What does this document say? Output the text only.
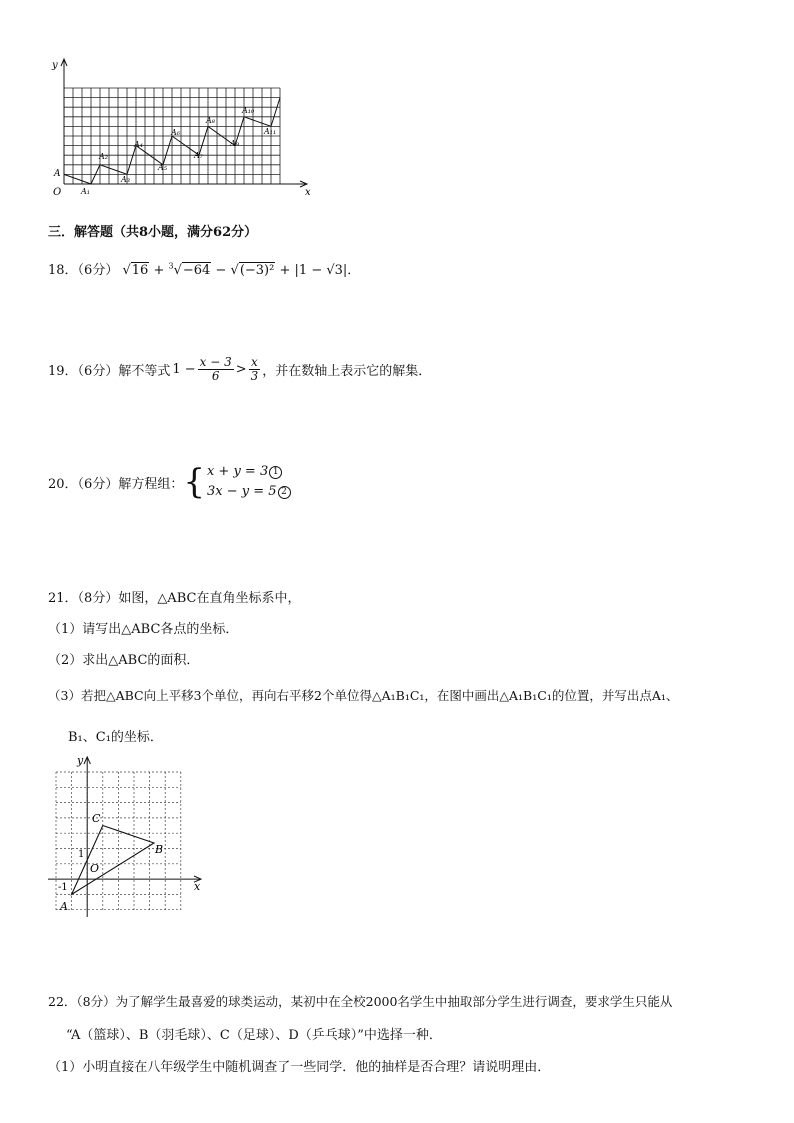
y
x
O
A
A₁
A₂
A₃
A₄
A₅
A₆
A₇
A₈
A₉
A₁₀
A₁₁
三．解答题（共8小题，满分62分）
18．（6分） √16 + $^3$√−64 − √(−3)² + |1 − √3|．
19．（6分）解不等式 $1 - \frac{x - 3}{6} > \frac{x}{3}$ ，并在数轴上表示它的解集．
20．（6分）解方程组： { x + y = 3 1
3x − y = 5 2
21．（8分）如图，△ABC在直角坐标系中，
（1）请写出△ABC各点的坐标．
（2）求出△ABC的面积．
（3）若把△ABC向上平移3个单位，再向右平移2个单位得△A₁B₁C₁，在图中画出△A₁B₁C₁的位置，并写出点A₁、
B₁、C₁的坐标．
y
x
C
B
O
A
1
-1
22．（8分）为了解学生最喜爱的球类运动，某初中在全校2000名学生中抽取部分学生进行调查，要求学生只能从
“A（篮球）、B（羽毛球）、C（足球）、D（乒乓球）”中选择一种．
（1）小明直接在八年级学生中随机调查了一些同学．他的抽样是否合理？请说明理由．
